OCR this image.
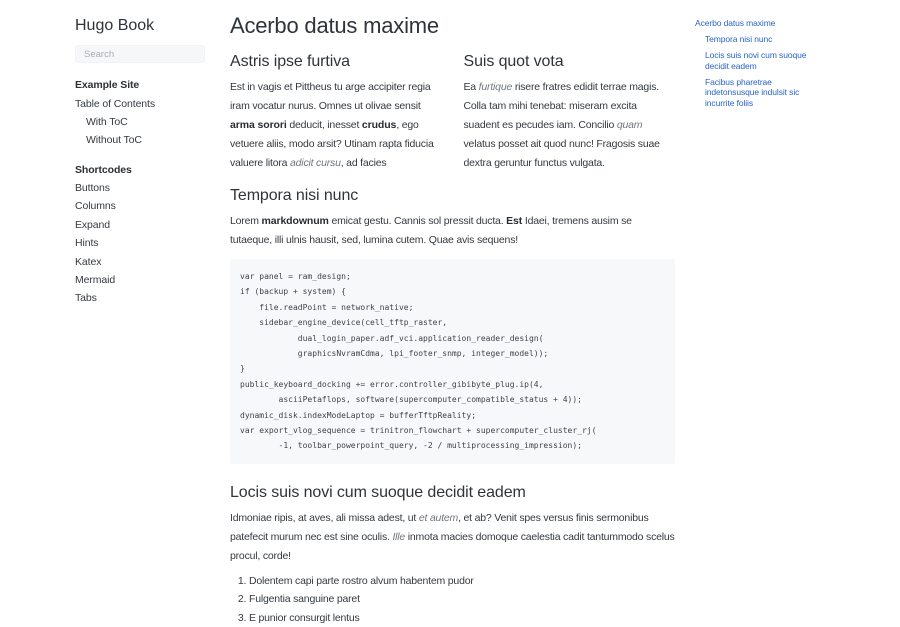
Hugo Book
Search
Example Site
Table of Contents
With ToC
Without ToC
Shortcodes
Buttons
Columns
Expand
Hints
Katex
Mermaid
Tabs
Acerbo datus maxime
Astris ipse furtiva

Est in vagis et Pittheus tu arge accipiter regia iram vocatur nurus. Omnes ut olivae sensit arma sorori deducit, inesset crudus, ego vetuere aliis, modo arsit? Utinam rapta fiducia valuere litora adicit cursu, ad facies

Suis quot vota

Ea furtique risere fratres edidit terrae magis. Colla tam mihi tenebat: miseram excita suadent es pecudes iam. Concilio quam velatus posset ait quod nunc! Fragosis suae dextra geruntur functus vulgata.

Tempora nisi nunc

Lorem markdownum emicat gestu. Cannis sol pressit ducta. Est Idaei, tremens ausim se tutaeque, illi ulnis hausit, sed, lumina cutem. Quae avis sequens!

var panel = ram_design;
if (backup + system) {
file.readPoint = network_native;
sidebar_engine_device(cell_tftp_raster,
dual_login_paper.adf_vci.application_reader_design(
graphicsNvramCdma, lpi_footer_snmp, integer_model));
}
public_keyboard_docking += error.controller_gibibyte_plug.ip(4,
asciiPetaflops, software(supercomputer_compatible_status + 4));
dynamic_disk.indexModeLaptop = bufferTftpReality;
var export_vlog_sequence = trinitron_flowchart + supercomputer_cluster_rj(
-1, toolbar_powerpoint_query, -2 / multiprocessing_impression);
Locis suis novi cum suoque decidit eadem

Idmoniae ripis, at aves, ali missa adest, ut et autem, et ab? Venit spes versus finis sermonibus patefecit murum nec est sine oculis. Ille inmota macies domoque caelestia cadit tantummodo scelus procul, corde!

1. Dolentem capi parte rostro alvum habentem pudor
2. Fulgentia sanguine paret
3. E punior consurgit lentus
Acerbo datus maxime
Tempora nisi nunc
Locis suis novi cum suoque decidit eadem
Facibus pharetrae indetonsusque indulsit sic incurrite foliis
